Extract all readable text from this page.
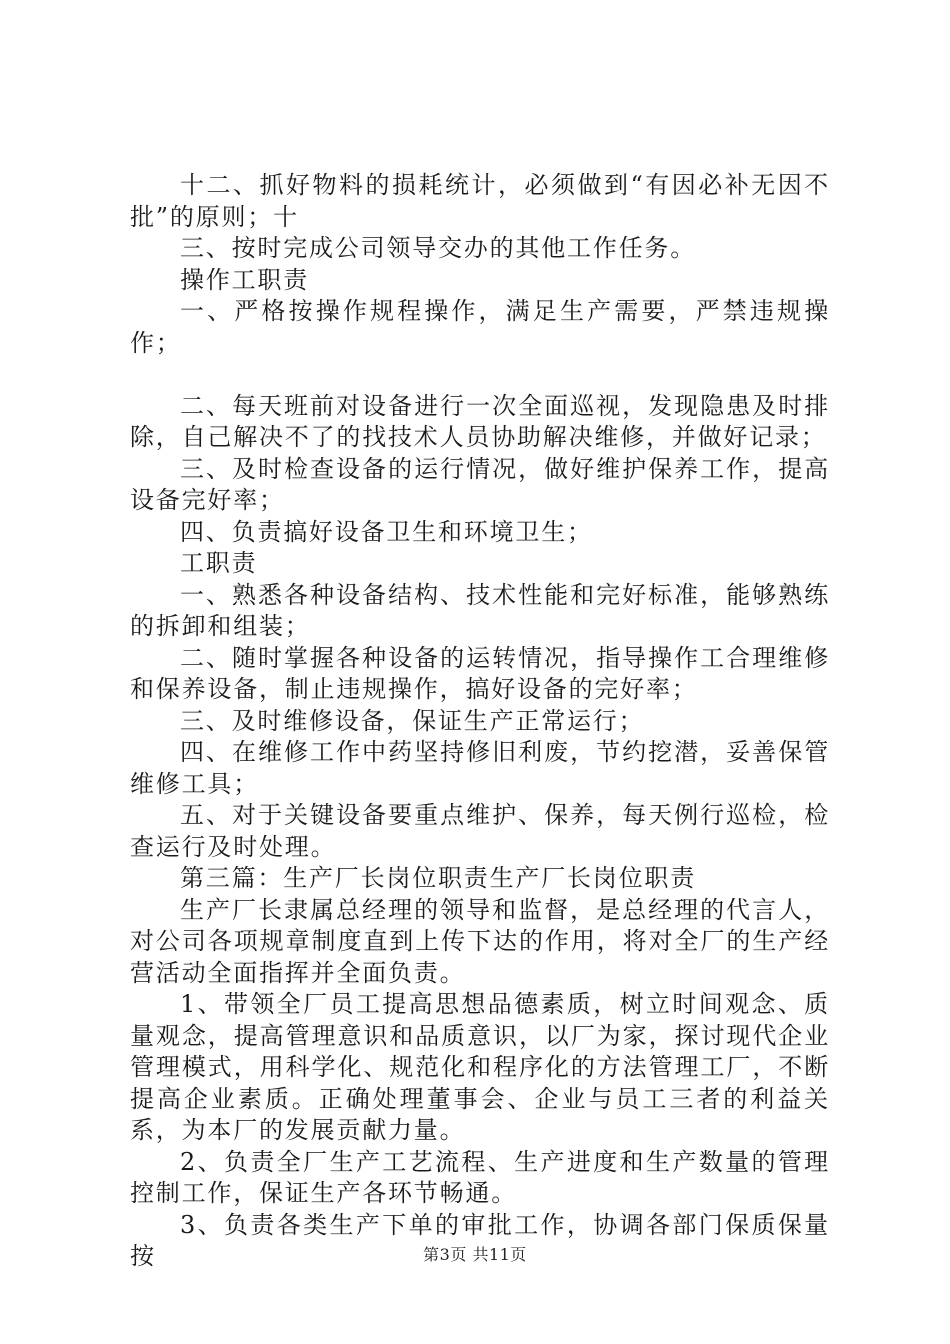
十二、抓好物料的损耗统计，必须做到“有因必补无因不批”的原则；十

三、按时完成公司领导交办的其他工作任务。

操作工职责

一、严格按操作规程操作，满足生产需要，严禁违规操作；

二、每天班前对设备进行一次全面巡视，发现隐患及时排除，自己解决不了的找技术人员协助解决维修，并做好记录；

三、及时检查设备的运行情况，做好维护保养工作，提高设备完好率；

四、负责搞好设备卫生和环境卫生；

工职责

一、熟悉各种设备结构、技术性能和完好标准，能够熟练的拆卸和组装；

二、随时掌握各种设备的运转情况，指导操作工合理维修和保养设备，制止违规操作，搞好设备的完好率；

三、及时维修设备，保证生产正常运行；

四、在维修工作中药坚持修旧利废，节约挖潜，妥善保管维修工具；

五、对于关键设备要重点维护、保养，每天例行巡检，检查运行及时处理。

第三篇：生产厂长岗位职责生产厂长岗位职责

生产厂长隶属总经理的领导和监督，是总经理的代言人，对公司各项规章制度直到上传下达的作用，将对全厂的生产经营活动全面指挥并全面负责。

1、带领全厂员工提高思想品德素质，树立时间观念、质量观念，提高管理意识和品质意识，以厂为家，探讨现代企业管理模式，用科学化、规范化和程序化的方法管理工厂，不断提高企业素质。正确处理董事会、企业与员工三者的利益关系，为本厂的发展贡献力量。

2、负责全厂生产工艺流程、生产进度和生产数量的管理控制工作，保证生产各环节畅通。

3、负责各类生产下单的审批工作，协调各部门保质保量按	第3页 共11页
